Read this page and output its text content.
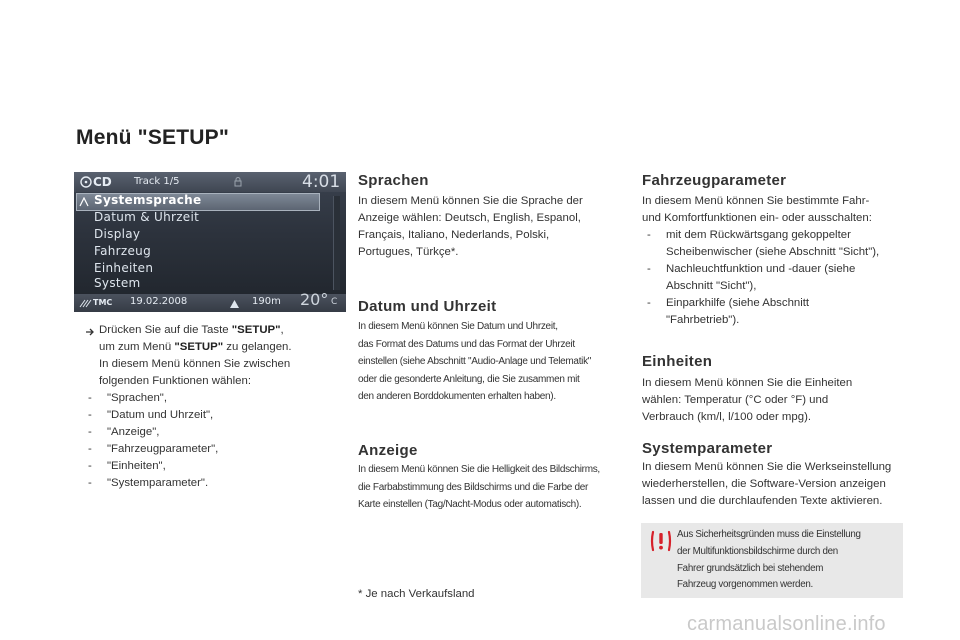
Menü "SETUP"
CD Track 1/5	4:01
Systemsprache
Datum & Uhrzeit
Display
Fahrzeug
Einheiten
System
TMC 19.02.2008	190m 20° C
Drücken Sie auf die Taste "SETUP",
um zum Menü "SETUP" zu gelangen.
In diesem Menü können Sie zwischen
folgenden Funktionen wählen:
- "Sprachen",
- "Datum und Uhrzeit",
- "Anzeige",
- "Fahrzeugparameter",
- "Einheiten",
- "Systemparameter".
Sprachen
In diesem Menü können Sie die Sprache der
Anzeige wählen: Deutsch, English, Espanol,
Français, Italiano, Nederlands, Polski,
Portugues, Türkçe*.
Datum und Uhrzeit
In diesem Menü können Sie Datum und Uhrzeit,
das Format des Datums und das Format der Uhrzeit
einstellen (siehe Abschnitt "Audio-Anlage und Telematik"
oder die gesonderte Anleitung, die Sie zusammen mit
den anderen Borddokumenten erhalten haben).
Anzeige
In diesem Menü können Sie die Helligkeit des Bildschirms,
die Farbabstimmung des Bildschirms und die Farbe der
Karte einstellen (Tag/Nacht-Modus oder automatisch).
* Je nach Verkaufsland
Fahrzeugparameter
In diesem Menü können Sie bestimmte Fahr-
und Komfortfunktionen ein- oder ausschalten:
- mit dem Rückwärtsgang gekoppelter
Scheibenwischer (siehe Abschnitt "Sicht"),
- Nachleuchtfunktion und -dauer (siehe
Abschnitt "Sicht"),
- Einparkhilfe (siehe Abschnitt
"Fahrbetrieb").
Einheiten
In diesem Menü können Sie die Einheiten
wählen: Temperatur (°C oder °F) und
Verbrauch (km/l, l/100 oder mpg).
Systemparameter
In diesem Menü können Sie die Werkseinstellung
wiederherstellen, die Software-Version anzeigen
lassen und die durchlaufenden Texte aktivieren.
Aus Sicherheitsgründen muss die Einstellung
der Multifunktionsbildschirme durch den
Fahrer grundsätzlich bei stehendem
Fahrzeug vorgenommen werden.
carmanualsonline.info
